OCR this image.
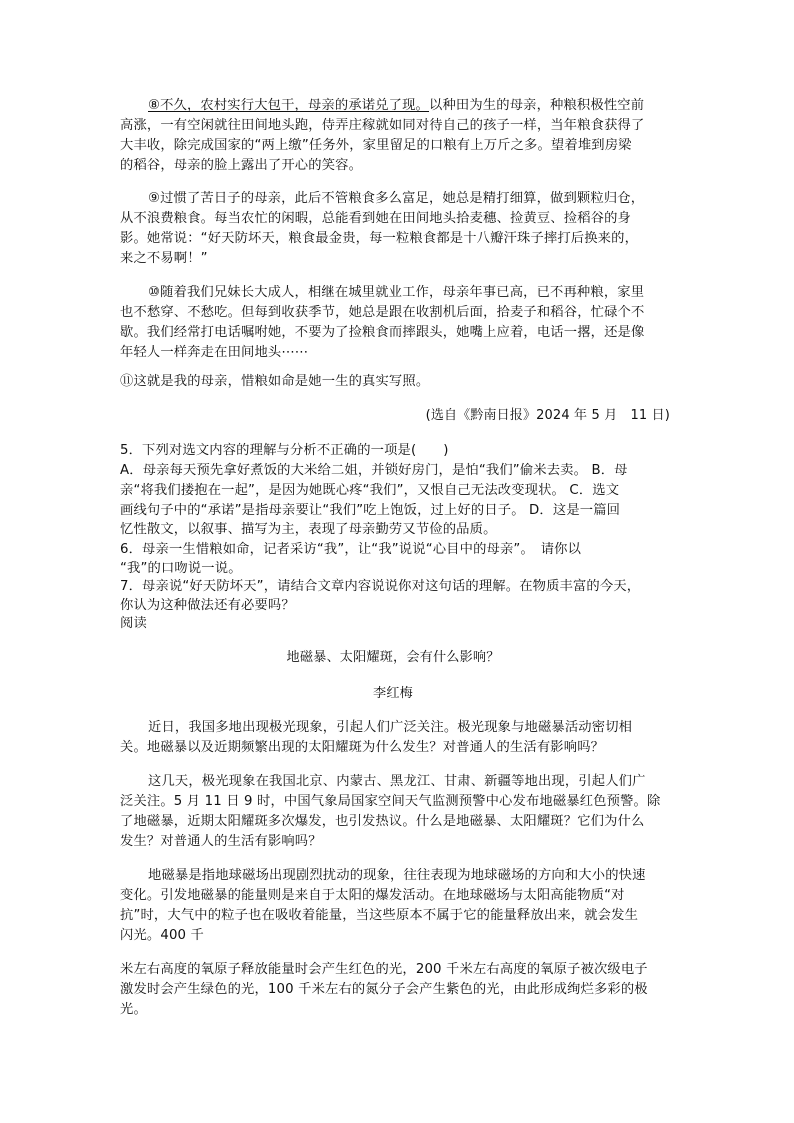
⑧不久，农村实行大包干，母亲的承诺兑了现。以种田为生的母亲，种粮积极性空前
高涨，一有空闲就往田间地头跑，侍弄庄稼就如同对待自己的孩子一样，当年粮食获得了
大丰收，除完成国家的“两上缴”任务外，家里留足的口粮有上万斤之多。望着堆到房梁
的稻谷，母亲的脸上露出了开心的笑容。
⑨过惯了苦日子的母亲，此后不管粮食多么富足，她总是精打细算，做到颗粒归仓，
从不浪费粮食。每当农忙的闲暇，总能看到她在田间地头拾麦穗、捡黄豆、捡稻谷的身
影。她常说：“好天防坏天，粮食最金贵，每一粒粮食都是十八瓣汗珠子摔打后换来的，
来之不易啊！”
⑩随着我们兄妹长大成人，相继在城里就业工作，母亲年事已高，已不再种粮，家里
也不愁穿、不愁吃。但每到收获季节，她总是跟在收割机后面，拾麦子和稻谷，忙碌个不
歇。我们经常打电话嘱咐她，不要为了捡粮食而摔跟头，她嘴上应着，电话一撂，还是像
年轻人一样奔走在田间地头⋯⋯
⑪这就是我的母亲，惜粮如命是她一生的真实写照。
(选自《黔南日报》2024 年 5 月　11 日)
5．下列对选文内容的理解与分析不正确的一项是(　　)
A．母亲每天预先拿好煮饭的大米给二姐，并锁好房门，是怕“我们”偷米去卖。 B．母
亲“将我们搂抱在一起”，是因为她既心疼“我们”，又恨自己无法改变现状。 C．选文
画线句子中的“承诺”是指母亲要让“我们”吃上饱饭，过上好的日子。 D．这是一篇回
忆性散文，以叙事、描写为主，表现了母亲勤劳又节俭的品质。
6．母亲一生惜粮如命，记者采访“我”，让“我”说说“心目中的母亲”。　请你以
“我”的口吻说一说。
7．母亲说“好天防坏天”，请结合文章内容说说你对这句话的理解。在物质丰富的今天，
你认为这种做法还有必要吗？
阅读
地磁暴、太阳耀斑，会有什么影响？
李红梅
近日，我国多地出现极光现象，引起人们广泛关注。极光现象与地磁暴活动密切相
关。地磁暴以及近期频繁出现的太阳耀斑为什么发生？对普通人的生活有影响吗？
这几天，极光现象在我国北京、内蒙古、黑龙江、甘肃、新疆等地出现，引起人们广
泛关注。5 月 11 日 9 时，中国气象局国家空间天气监测预警中心发布地磁暴红色预警。除
了地磁暴，近期太阳耀斑多次爆发，也引发热议。什么是地磁暴、太阳耀斑？它们为什么
发生？对普通人的生活有影响吗？
地磁暴是指地球磁场出现剧烈扰动的现象，往往表现为地球磁场的方向和大小的快速
变化。引发地磁暴的能量则是来自于太阳的爆发活动。在地球磁场与太阳高能物质“对
抗”时，大气中的粒子也在吸收着能量，当这些原本不属于它的能量释放出来，就会发生
闪光。400 千
米左右高度的氧原子释放能量时会产生红色的光，200 千米左右高度的氧原子被次级电子
激发时会产生绿色的光，100 千米左右的氮分子会产生紫色的光，由此形成绚烂多彩的极
光。
